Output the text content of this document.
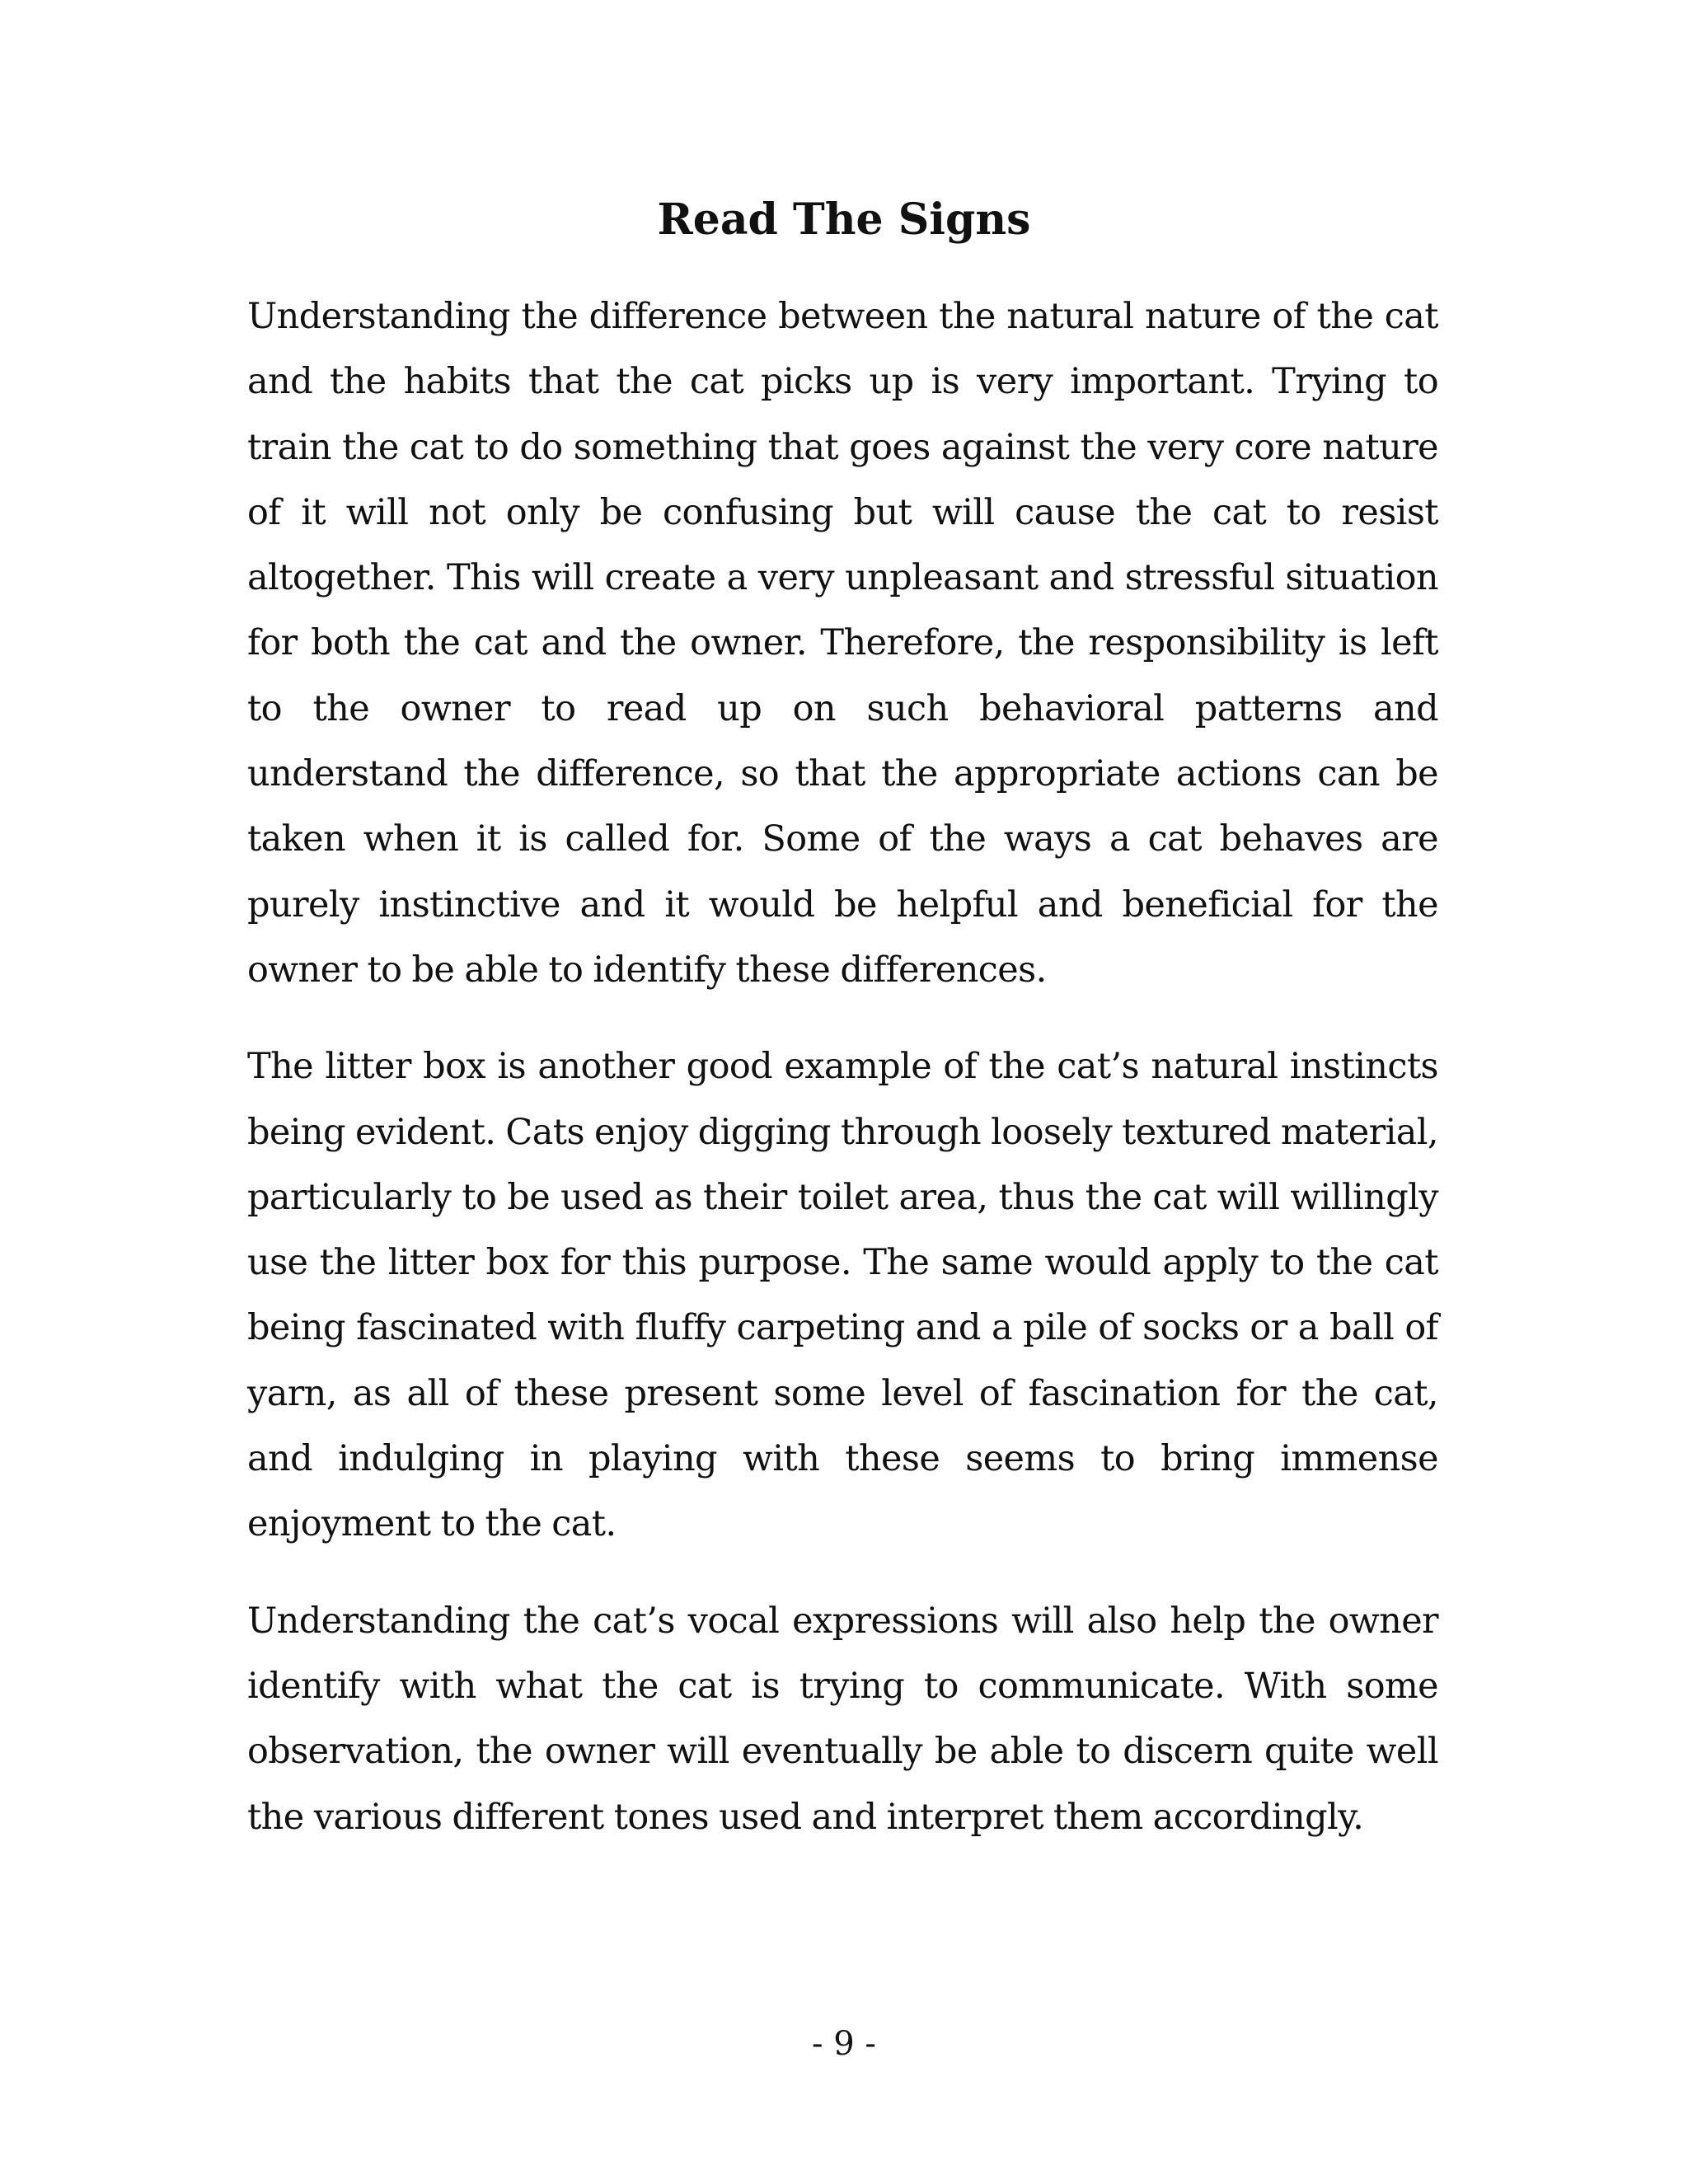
Read The Signs

Understanding the difference between the natural nature of the cat and the habits that the cat picks up is very important. Trying to train the cat to do something that goes against the very core nature of it will not only be confusing but will cause the cat to resist altogether. This will create a very unpleasant and stressful situation for both the cat and the owner. Therefore, the responsibility is left to the owner to read up on such behavioral patterns and understand the difference, so that the appropriate actions can be taken when it is called for. Some of the ways a cat behaves are purely instinctive and it would be helpful and beneficial for the owner to be able to identify these differences.

The litter box is another good example of the cat’s natural instincts being evident. Cats enjoy digging through loosely textured material, particularly to be used as their toilet area, thus the cat will willingly use the litter box for this purpose. The same would apply to the cat being fascinated with fluffy carpeting and a pile of socks or a ball of yarn, as all of these present some level of fascination for the cat, and indulging in playing with these seems to bring immense enjoyment to the cat.

Understanding the cat’s vocal expressions will also help the owner identify with what the cat is trying to communicate. With some observation, the owner will eventually be able to discern quite well the various different tones used and interpret them accordingly.

- 9 -
